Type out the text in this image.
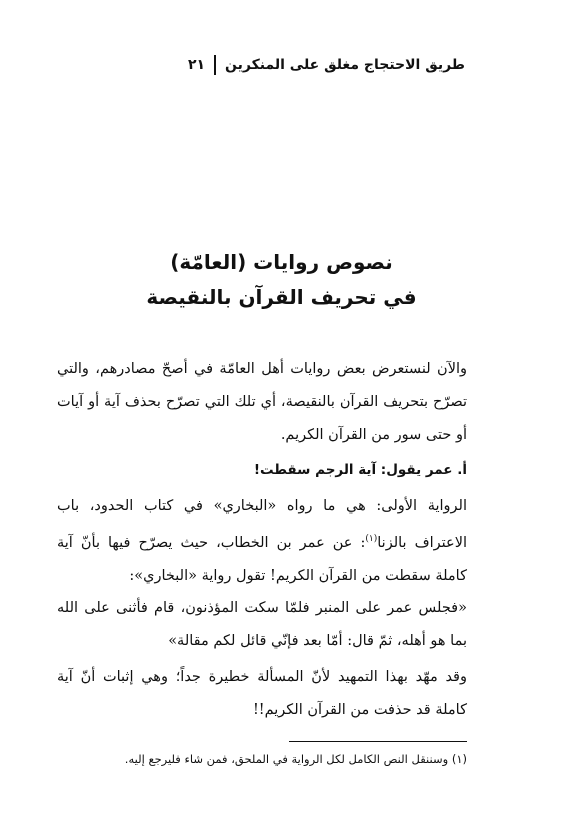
طريق الاحتجاج مغلق على المنكرين
٢١
نصوص روايات (العامّة)
في تحريف القرآن بالنقيصة
والآن لنستعرض بعض روايات أهل العامّة في أصحّ مصادرهم، والتي تصرّح بتحريف القرآن بالنقيصة، أي تلك التي تصرّح بحذف آية أو آيات أو حتى سور من القرآن الكريم.
أ. عمر يقول: آية الرجم سقطت!
الرواية الأولى: هي ما رواه «البخاري» في كتاب الحدود، باب الاعتراف بالزنا$^{(١)}$: عن عمر بن الخطاب، حيث يصرّح فيها بأنّ آية كاملة سقطت من القرآن الكريم! تقول رواية «البخاري»:
«فجلس عمر على المنبر فلمّا سكت المؤذنون، قام فأثنى على الله بما هو أهله، ثمّ قال: أمّا بعد فإنّي قائل لكم مقالة»
وقد مهّد بهذا التمهيد لأنّ المسألة خطيرة جداً؛ وهي إثبات أنّ آية كاملة قد حذفت من القرآن الكريم!!
(١) وسننقل النص الكامل لكل الرواية في الملحق، فمن شاء فليرجع إليه.
